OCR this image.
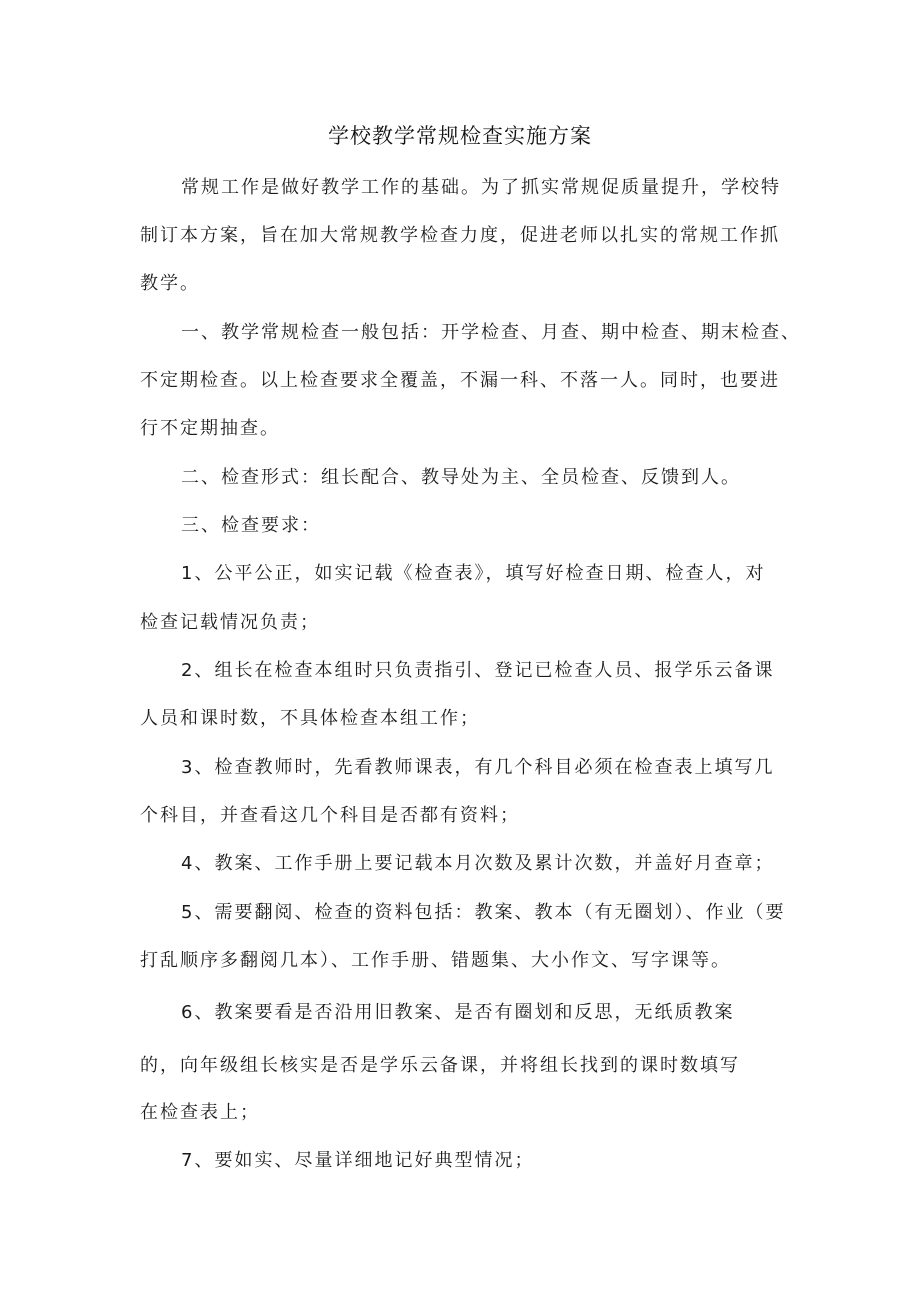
学校教学常规检查实施方案
常规工作是做好教学工作的基础。为了抓实常规促质量提升，学校特
制订本方案，旨在加大常规教学检查力度，促进老师以扎实的常规工作抓
教学。
一、教学常规检查一般包括：开学检查、月查、期中检查、期末检查、
不定期检查。以上检查要求全覆盖，不漏一科、不落一人。同时，也要进
行不定期抽查。
二、检查形式：组长配合、教导处为主、全员检查、反馈到人。
三、检查要求：
1、公平公正，如实记载《检查表》，填写好检查日期、检查人，对
检查记载情况负责；
2、组长在检查本组时只负责指引、登记已检查人员、报学乐云备课
人员和课时数，不具体检查本组工作；
3、检查教师时，先看教师课表，有几个科目必须在检查表上填写几
个科目，并查看这几个科目是否都有资料；
4、教案、工作手册上要记载本月次数及累计次数，并盖好月查章；
5、需要翻阅、检查的资料包括：教案、教本（有无圈划）、作业（要
打乱顺序多翻阅几本）、工作手册、错题集、大小作文、写字课等。
6、教案要看是否沿用旧教案、是否有圈划和反思，无纸质教案
的，向年级组长核实是否是学乐云备课，并将组长找到的课时数填写
在检查表上；
7、要如实、尽量详细地记好典型情况；
